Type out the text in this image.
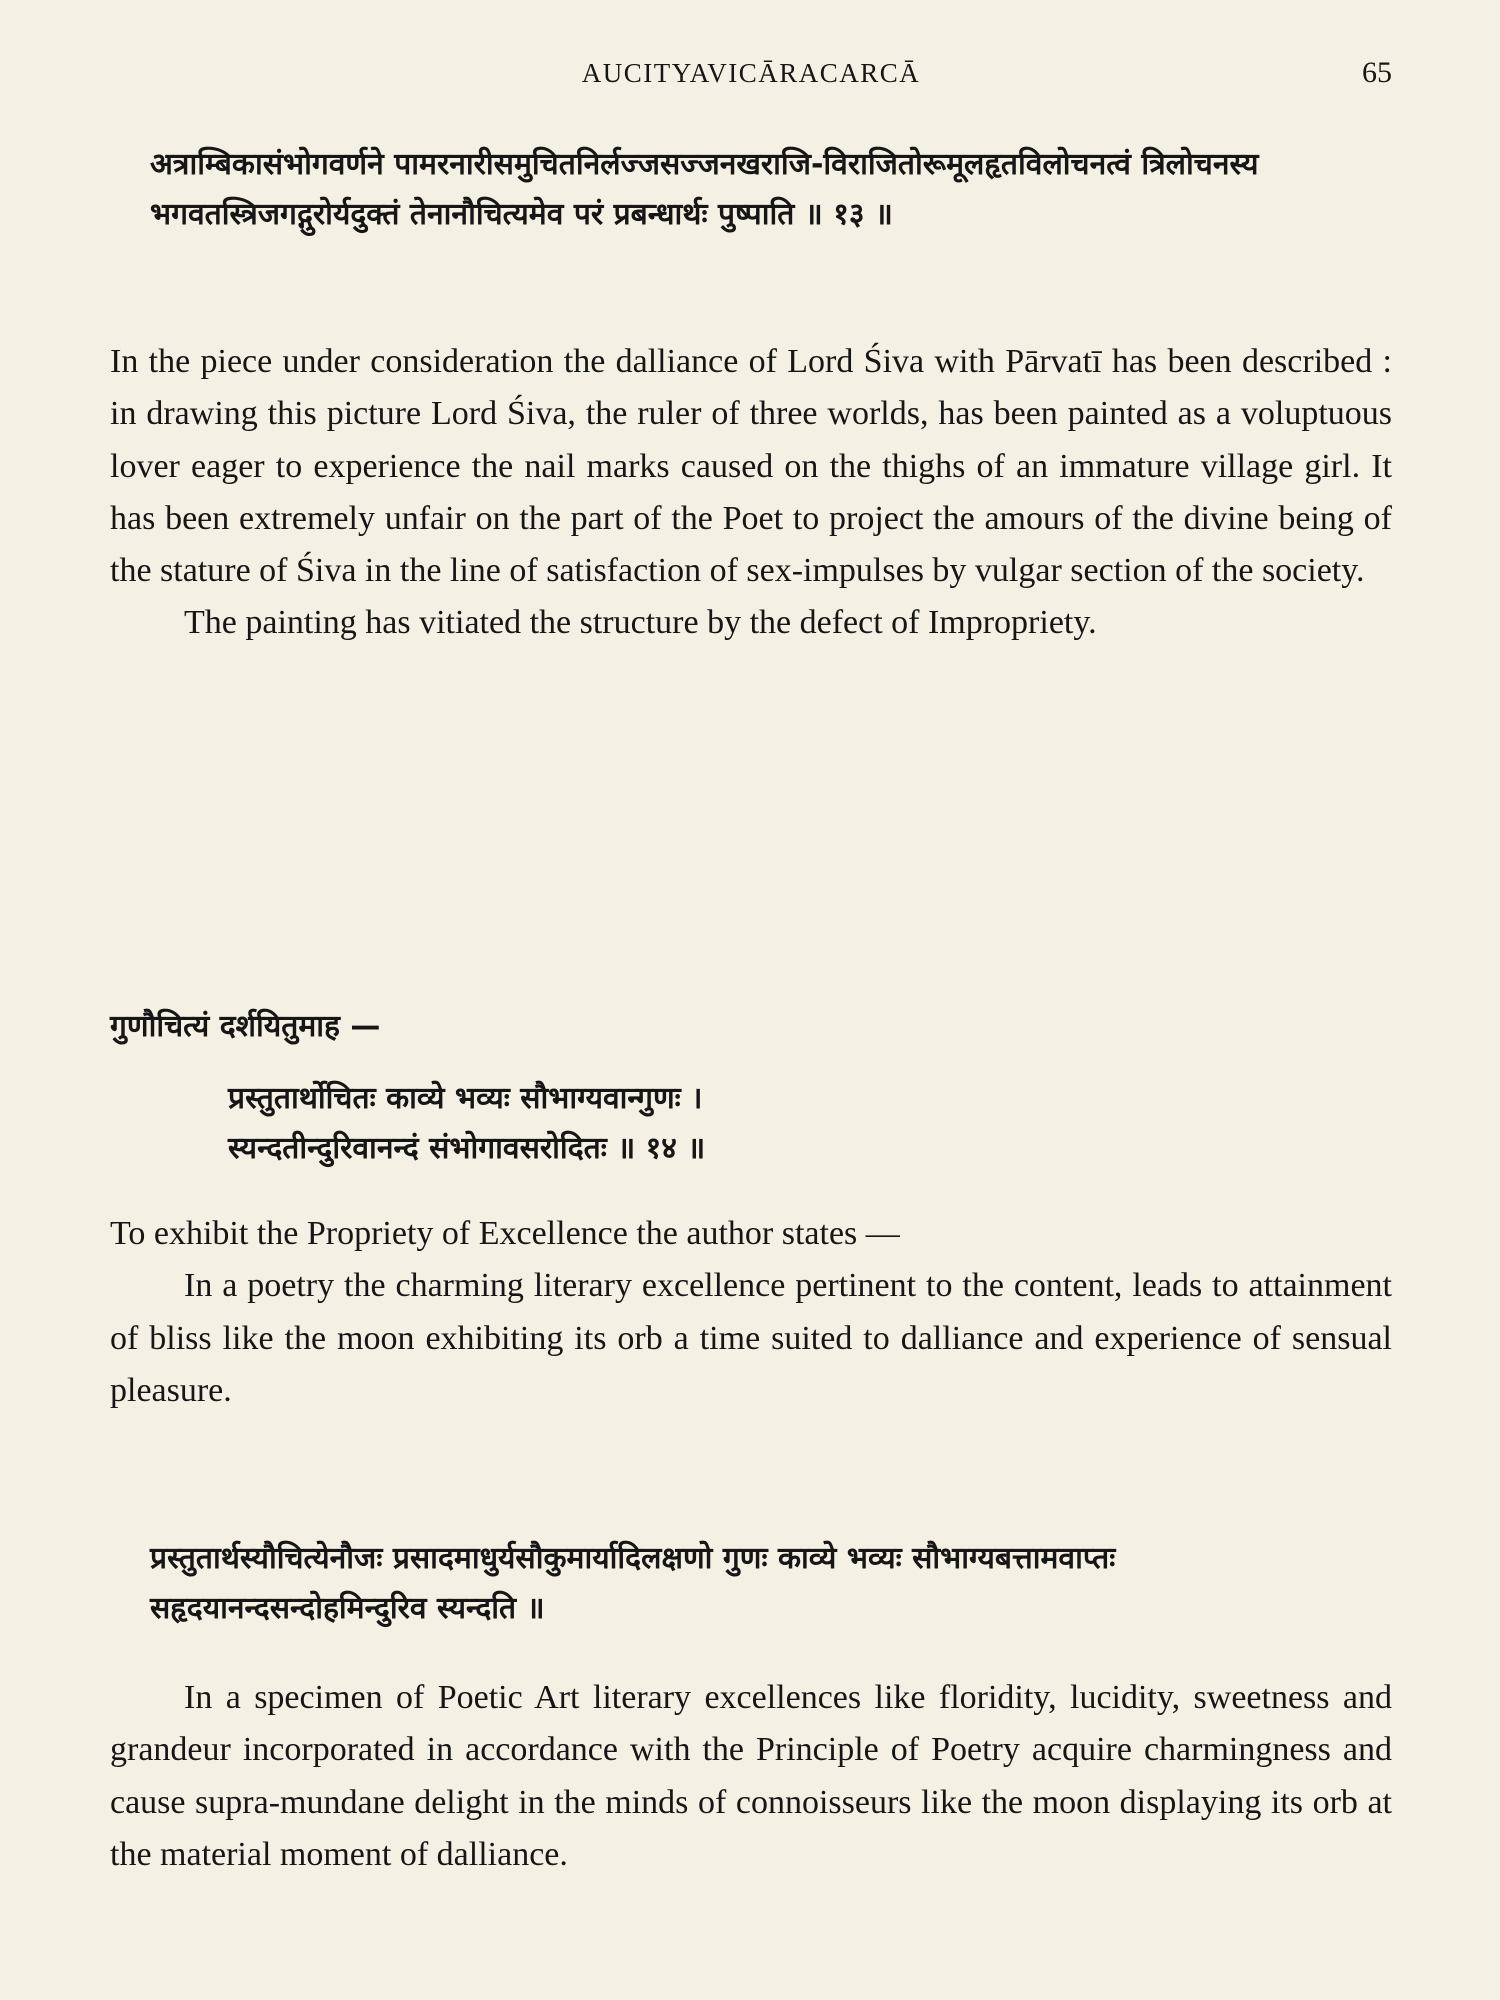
AUCITYAVICĀRACARCĀ	65

अत्राम्बिकासंभोगवर्णने पामरनारीसमुचितनिर्लज्जसज्जनखराजि-विराजितोरूमूलहृतविलोचनत्वं त्रिलोचनस्य भगवतस्त्रिजगद्गुरोर्यदुक्तं तेनानौचित्यमेव परं प्रबन्धार्थः पुष्पाति ॥ १३ ॥

In the piece under consideration the dalliance of Lord Śiva with Pārvatī has been described : in drawing this picture Lord Śiva, the ruler of three worlds, has been painted as a voluptuous lover eager to experience the nail marks caused on the thighs of an immature village girl. It has been extremely unfair on the part of the Poet to project the amours of the divine being of the stature of Śiva in the line of satisfaction of sex-impulses by vulgar section of the society.

The painting has vitiated the structure by the defect of Impropriety.

गुणौचित्यं दर्शयितुमाह —

प्रस्तुतार्थोचितः काव्ये भव्यः सौभाग्यवान्गुणः ।

स्यन्दतीन्दुरिवानन्दं संभोगावसरोदितः ॥ १४ ॥

To exhibit the Propriety of Excellence the author states —

In a poetry the charming literary excellence pertinent to the content, leads to attainment of bliss like the moon exhibiting its orb a time suited to dalliance and experience of sensual pleasure.

प्रस्तुतार्थस्यौचित्येनौजः प्रसादमाधुर्यसौकुमार्यादिलक्षणो गुणः काव्ये भव्यः सौभाग्यबत्तामवाप्तः सहृदयानन्दसन्दोहमिन्दुरिव स्यन्दति ॥

In a specimen of Poetic Art literary excellences like floridity, lucidity, sweetness and grandeur incorporated in accordance with the Principle of Poetry acquire charmingness and cause supra-mundane delight in the minds of connoisseurs like the moon displaying its orb at the material moment of dalliance.
